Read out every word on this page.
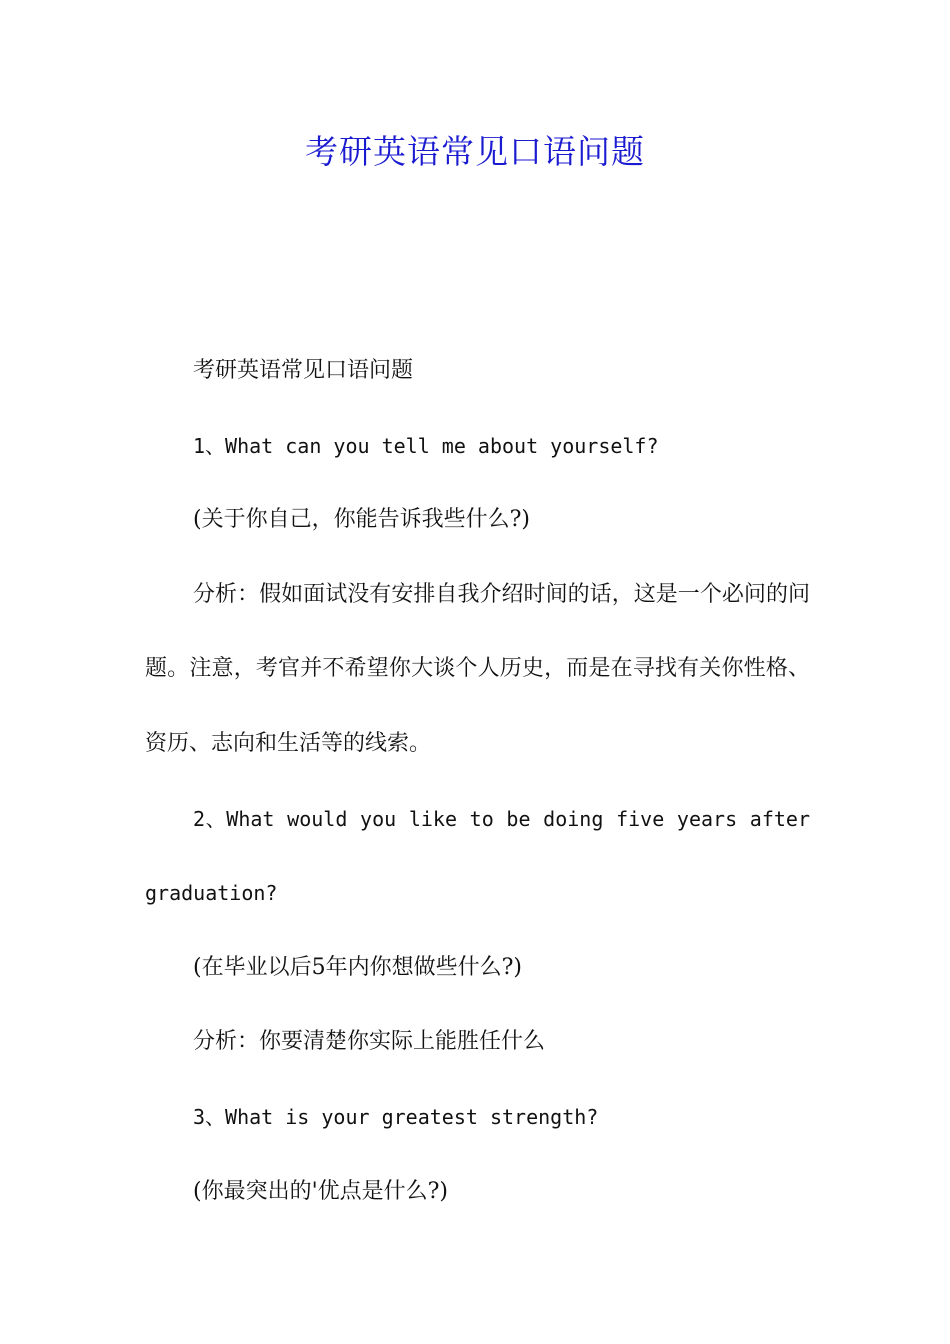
考研英语常见口语问题

考研英语常见口语问题

1、What can you tell me about yourself?

(关于你自己，你能告诉我些什么?)

分析：假如面试没有安排自我介绍时间的话，这是一个必问的问题。注意，考官并不希望你大谈个人历史，而是在寻找有关你性格、资历、志向和生活等的线索。

2、What would you like to be doing five years after graduation?

(在毕业以后5年内你想做些什么?)

分析：你要清楚你实际上能胜任什么

3、What is your greatest strength?

(你最突出的'优点是什么?)
